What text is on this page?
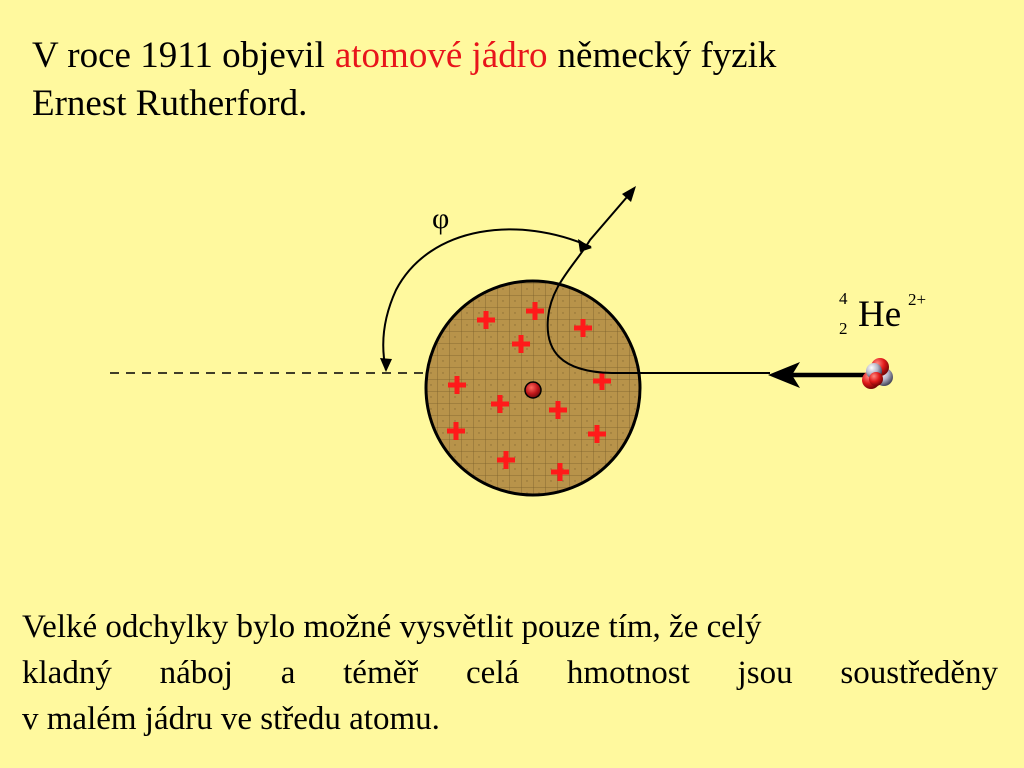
V roce 1911 objevil atomové jádro německý fyzik
Ernest Rutherford.
φ
4
2 He 2+
Velké odchylky bylo možné vysvětlit pouze tím, že celý

kladný náboj a téměř celá hmotnost jsou soustředěny
v malém jádru ve středu atomu.
